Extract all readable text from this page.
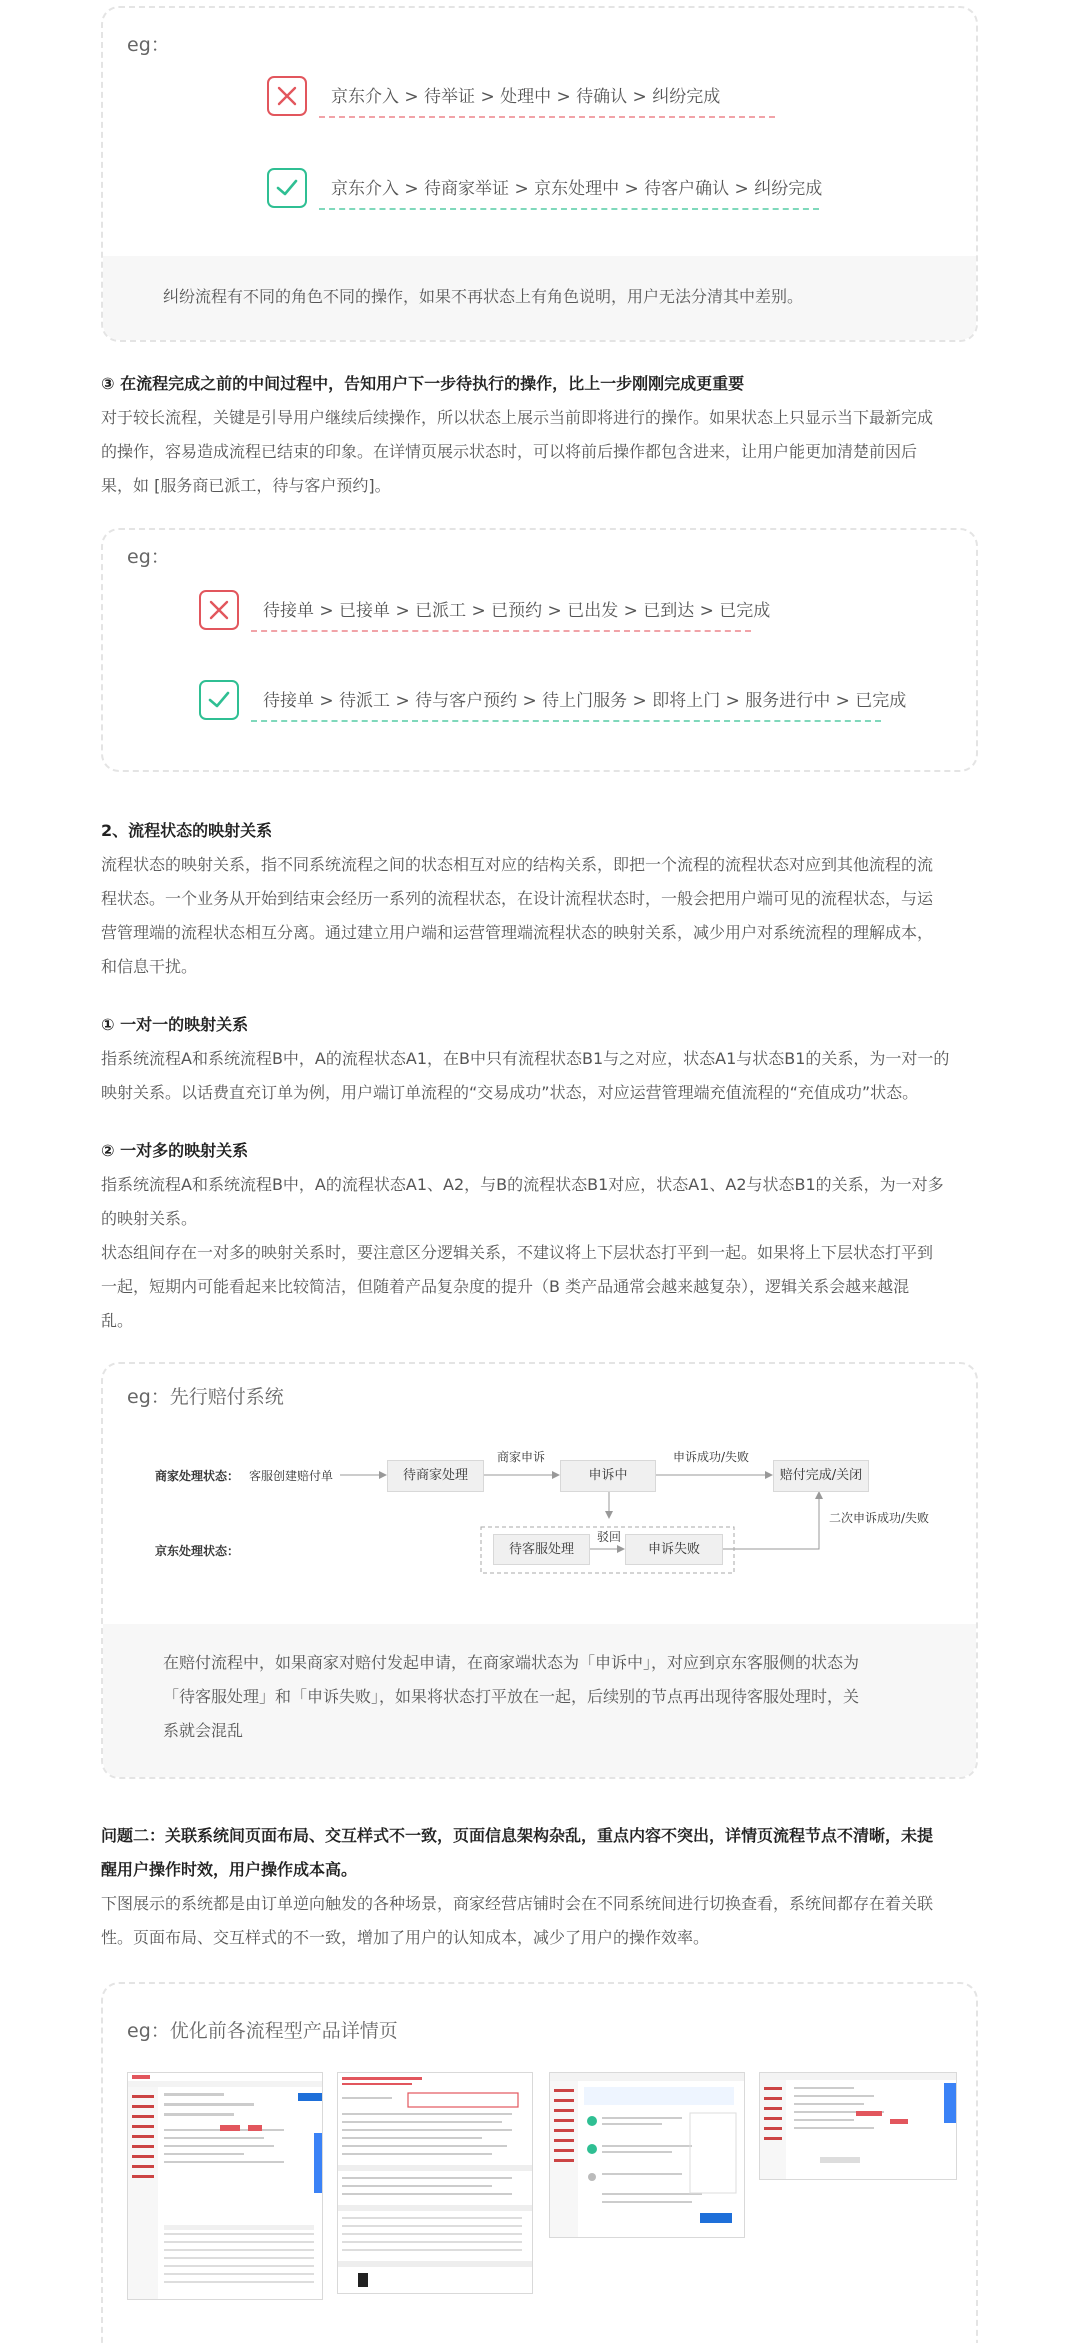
eg：
京东介入 > 待举证 > 处理中 > 待确认 > 纠纷完成
京东介入 > 待商家举证 > 京东处理中 > 待客户确认 > 纠纷完成
纠纷流程有不同的角色不同的操作，如果不再状态上有角色说明，用户无法分清其中差别。
③ 在流程完成之前的中间过程中，告知用户下一步待执行的操作，比上一步刚刚完成更重要
对于较长流程，关键是引导用户继续后续操作，所以状态上展示当前即将进行的操作。如果状态上只显示当下最新完成
的操作，容易造成流程已结束的印象。在详情页展示状态时，可以将前后操作都包含进来，让用户能更加清楚前因后
果，如 [服务商已派工，待与客户预约]。
eg：
待接单 > 已接单 > 已派工 > 已预约 > 已出发 > 已到达 > 已完成
待接单 > 待派工 > 待与客户预约 > 待上门服务 > 即将上门 > 服务进行中 > 已完成
2、流程状态的映射关系
流程状态的映射关系，指不同系统流程之间的状态相互对应的结构关系，即把一个流程的流程状态对应到其他流程的流
程状态。一个业务从开始到结束会经历一系列的流程状态，在设计流程状态时，一般会把用户端可见的流程状态，与运
营管理端的流程状态相互分离。通过建立用户端和运营管理端流程状态的映射关系，减少用户对系统流程的理解成本，
和信息干扰。
① 一对一的映射关系
指系统流程A和系统流程B中，A的流程状态A1，在B中只有流程状态B1与之对应，状态A1与状态B1的关系，为一对一的
映射关系。以话费直充订单为例，用户端订单流程的“交易成功”状态，对应运营管理端充值流程的“充值成功”状态。
② 一对多的映射关系
指系统流程A和系统流程B中，A的流程状态A1、A2，与B的流程状态B1对应，状态A1、A2与状态B1的关系，为一对多
的映射关系。
状态组间存在一对多的映射关系时，要注意区分逻辑关系，不建议将上下层状态打平到一起。如果将上下层状态打平到
一起，短期内可能看起来比较简洁，但随着产品复杂度的提升（B 类产品通常会越来越复杂），逻辑关系会越来越混
乱。
eg：先行赔付系统
商家处理状态：
京东处理状态：
客服创建赔付单	待商家处理
商家申诉
申诉中
申诉成功/失败
赔付完成/关闭
二次申诉成功/失败
待客服处理
驳回
申诉失败
在赔付流程中，如果商家对赔付发起申请，在商家端状态为「申诉中」，对应到京东客服侧的状态为
「待客服处理」和「申诉失败」，如果将状态打平放在一起，后续别的节点再出现待客服处理时，关
系就会混乱
问题二：关联系统间页面布局、交互样式不一致，页面信息架构杂乱，重点内容不突出，详情页流程节点不清晰，未提
醒用户操作时效，用户操作成本高。
下图展示的系统都是由订单逆向触发的各种场景，商家经营店铺时会在不同系统间进行切换查看，系统间都存在着关联
性。页面布局、交互样式的不一致，增加了用户的认知成本，减少了用户的操作效率。
eg：优化前各流程型产品详情页
